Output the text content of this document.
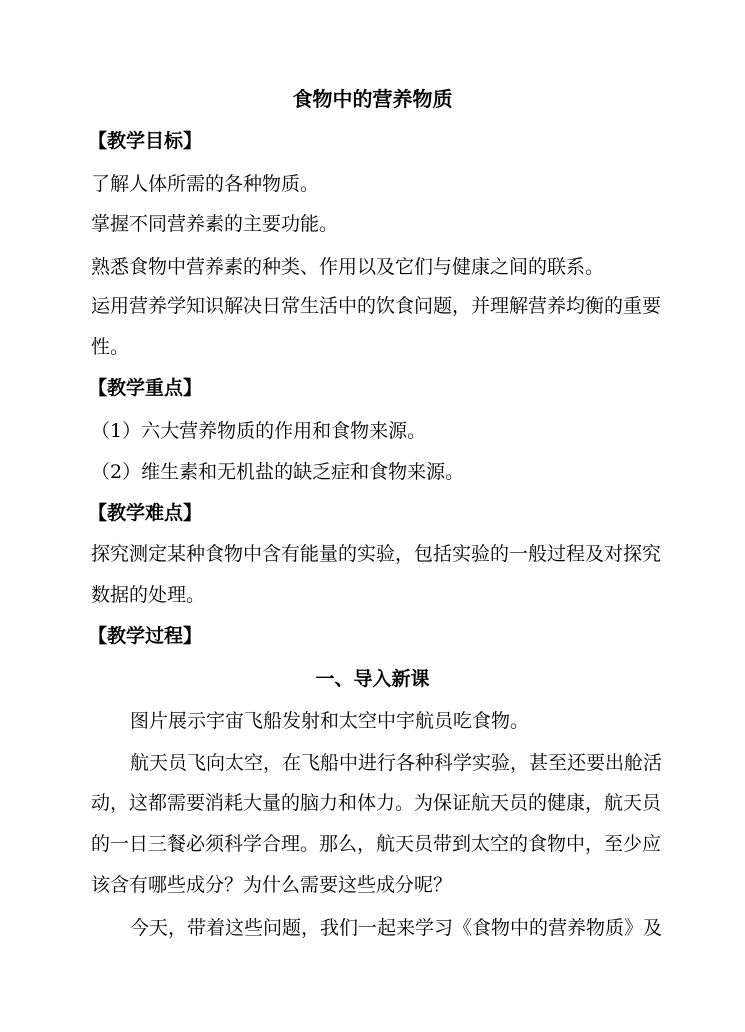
食物中的营养物质
【教学目标】
了解人体所需的各种物质。
掌握不同营养素的主要功能。
熟悉食物中营养素的种类、作用以及它们与健康之间的联系。
运用营养学知识解决日常生活中的饮食问题，并理解营养均衡的重要
性。
【教学重点】
（1）六大营养物质的作用和食物来源。
（2）维生素和无机盐的缺乏症和食物来源。
【教学难点】
探究测定某种食物中含有能量的实验，包括实验的一般过程及对探究
数据的处理。
【教学过程】
一、导入新课
图片展示宇宙飞船发射和太空中宇航员吃食物。
航天员飞向太空，在飞船中进行各种科学实验，甚至还要出舱活
动，这都需要消耗大量的脑力和体力。为保证航天员的健康，航天员
的一日三餐必须科学合理。那么，航天员带到太空的食物中，至少应
该含有哪些成分？为什么需要这些成分呢？
今天，带着这些问题，我们一起来学习《食物中的营养物质》及
